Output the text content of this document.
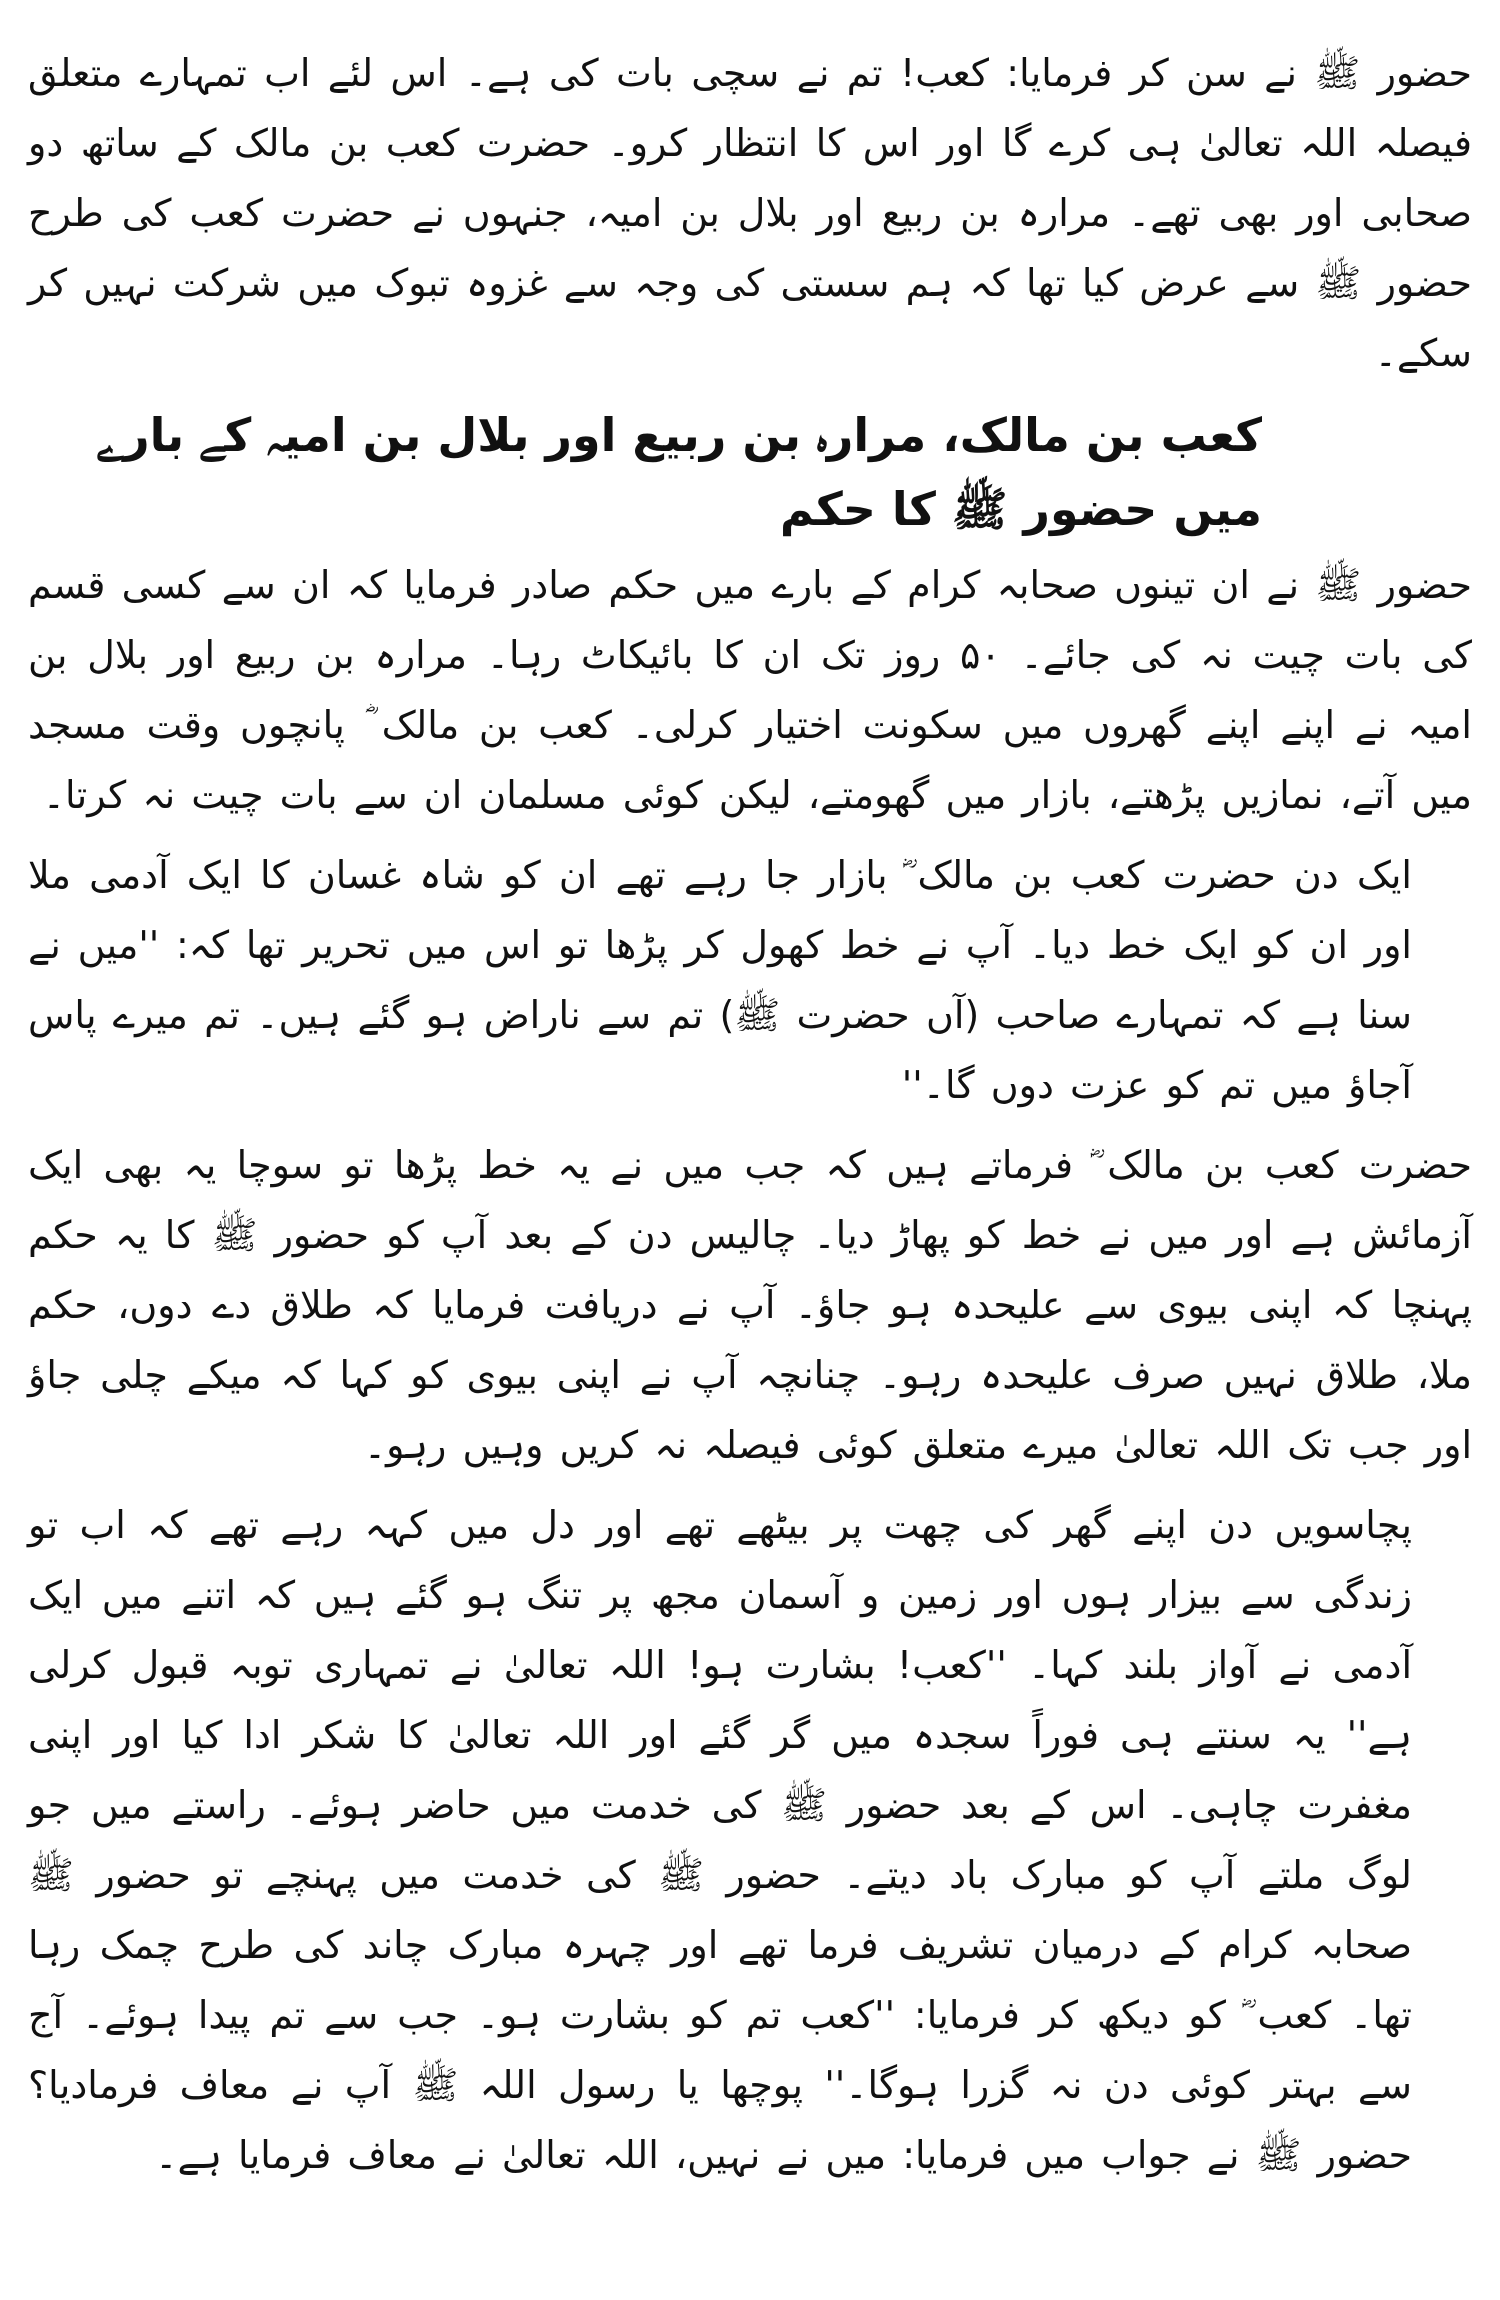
حضور ﷺ نے سن کر فرمایا: کعب! تم نے سچی بات کی ہے۔ اس لئے اب تمہارے متعلق فیصلہ اللہ تعالیٰ ہی کرے گا اور اس کا انتظار کرو۔ حضرت کعب بن مالک کے ساتھ دو صحابی اور بھی تھے۔ مرارہ بن ربیع اور بلال بن امیہ، جنہوں نے حضرت کعب کی طرح حضور ﷺ سے عرض کیا تھا کہ ہم سستی کی وجہ سے غزوہ تبوک میں شرکت نہیں کر سکے۔

کعب بن مالک، مرارہ بن ربیع اور بلال بن امیہ کے بارے میں حضور ﷺ کا حکم

حضور ﷺ نے ان تینوں صحابہ کرام کے بارے میں حکم صادر فرمایا کہ ان سے کسی قسم کی بات چیت نہ کی جائے۔ ۵۰ روز تک ان کا بائیکاٹ رہا۔ مرارہ بن ربیع اور بلال بن امیہ نے اپنے اپنے گھروں میں سکونت اختیار کرلی۔ کعب بن مالک ؓ پانچوں وقت مسجد میں آتے، نمازیں پڑھتے، بازار میں گھومتے، لیکن کوئی مسلمان ان سے بات چیت نہ کرتا۔

ایک دن حضرت کعب بن مالک ؓ بازار جا رہے تھے ان کو شاہ غسان کا ایک آدمی ملا اور ان کو ایک خط دیا۔ آپ نے خط کھول کر پڑھا تو اس میں تحریر تھا کہ: ''میں نے سنا ہے کہ تمہارے صاحب (آں حضرت ﷺ) تم سے ناراض ہو گئے ہیں۔ تم میرے پاس آجاؤ میں تم کو عزت دوں گا۔''

حضرت کعب بن مالک ؓ فرماتے ہیں کہ جب میں نے یہ خط پڑھا تو سوچا یہ بھی ایک آزمائش ہے اور میں نے خط کو پھاڑ دیا۔ چالیس دن کے بعد آپ کو حضور ﷺ کا یہ حکم پہنچا کہ اپنی بیوی سے علیحدہ ہو جاؤ۔ آپ نے دریافت فرمایا کہ طلاق دے دوں، حکم ملا، طلاق نہیں صرف علیحدہ رہو۔ چنانچہ آپ نے اپنی بیوی کو کہا کہ میکے چلی جاؤ اور جب تک اللہ تعالیٰ میرے متعلق کوئی فیصلہ نہ کریں وہیں رہو۔

پچاسویں دن اپنے گھر کی چھت پر بیٹھے تھے اور دل میں کہہ رہے تھے کہ اب تو زندگی سے بیزار ہوں اور زمین و آسمان مجھ پر تنگ ہو گئے ہیں کہ اتنے میں ایک آدمی نے آواز بلند کہا۔ ''کعب! بشارت ہو! اللہ تعالیٰ نے تمہاری توبہ قبول کرلی ہے'' یہ سنتے ہی فوراً سجدہ میں گر گئے اور اللہ تعالیٰ کا شکر ادا کیا اور اپنی مغفرت چاہی۔ اس کے بعد حضور ﷺ کی خدمت میں حاضر ہوئے۔ راستے میں جو لوگ ملتے آپ کو مبارک باد دیتے۔ حضور ﷺ کی خدمت میں پہنچے تو حضور ﷺ صحابہ کرام کے درمیان تشریف فرما تھے اور چہرہ مبارک چاند کی طرح چمک رہا تھا۔ کعب ؓ کو دیکھ کر فرمایا: ''کعب تم کو بشارت ہو۔ جب سے تم پیدا ہوئے۔ آج سے بہتر کوئی دن نہ گزرا ہوگا۔'' پوچھا یا رسول اللہ ﷺ آپ نے معاف فرمادیا؟ حضور ﷺ نے جواب میں فرمایا: میں نے نہیں، اللہ تعالیٰ نے معاف فرمایا ہے۔
